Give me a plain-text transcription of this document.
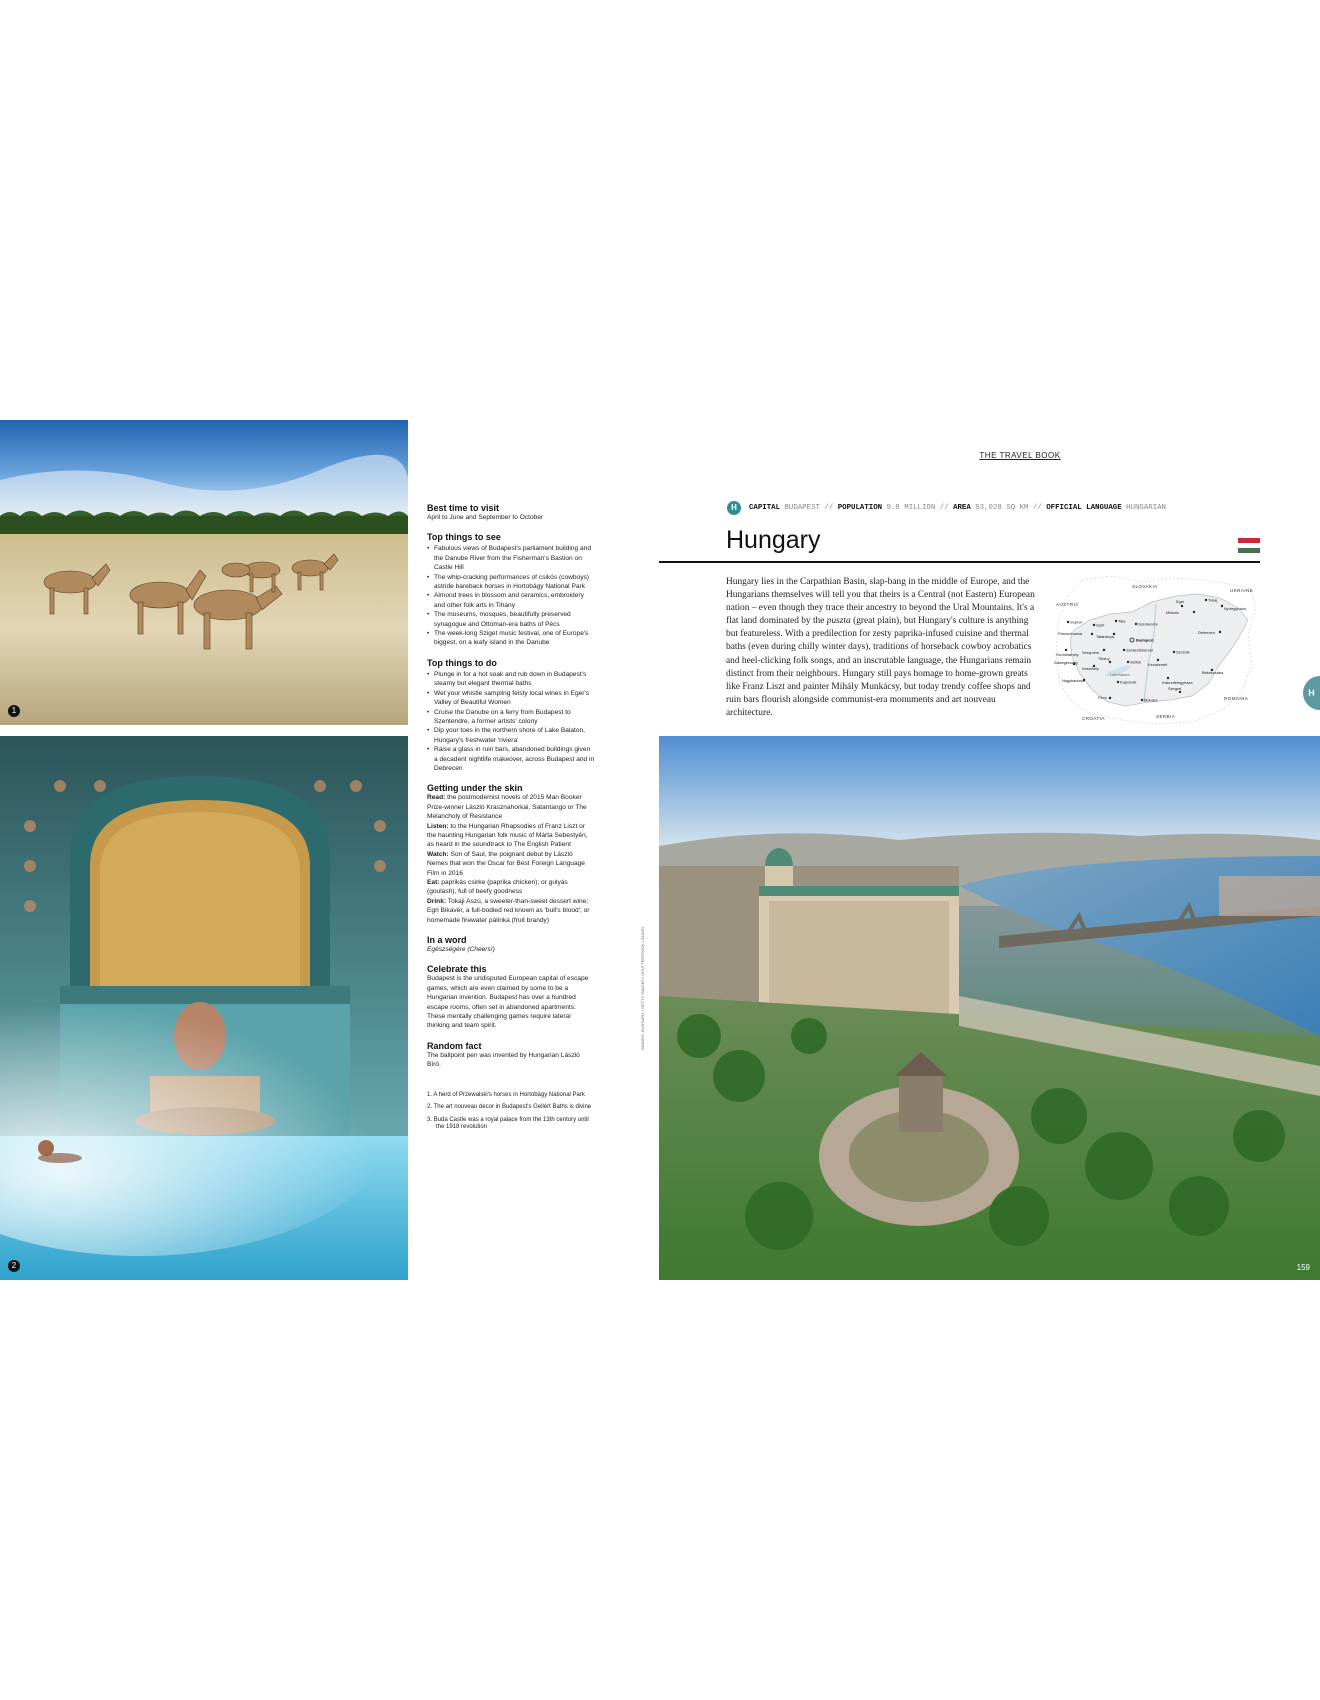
1
2
Best time to visit
April to June and September to October
Top things to see
• Fabulous views of Budapest's parliament building and the Danube River from the Fisherman's Bastion on Castle Hill
• The whip-cracking performances of csikós (cowboys) astride bareback horses in Hortobágy National Park
• Almond trees in blossom and ceramics, embroidery and other folk arts in Tihany
• The museums, mosques, beautifully preserved synagogue and Ottoman-era baths of Pécs
• The week-long Sziget music festival, one of Europe's biggest, on a leafy island in the Danube
Top things to do
• Plunge in for a hot soak and rub down in Budapest's steamy but elegant thermal baths
• Wet your whistle sampling feisty local wines in Eger's Valley of Beautiful Women
• Cruise the Danube on a ferry from Budapest to Szentendre, a former artists' colony
• Dip your toes in the northern shore of Lake Balaton, Hungary's freshwater 'riviera'
• Raise a glass in ruin bars, abandoned buildings given a decadent nightlife makeover, across Budapest and in Debrecen
Getting under the skin
Read: the postmodernist novels of 2015 Man Booker Prize-winner László Krasznahorkai, Satantango or The Melancholy of Resistance
Listen: to the Hungarian Rhapsodies of Franz Liszt or the haunting Hungarian folk music of Márta Sebestyén, as heard in the soundtrack to The English Patient
Watch: Son of Saul, the poignant debut by László Nemes that won the Oscar for Best Foreign Language Film in 2016
Eat: paprikás csirke (paprika chicken); or gulyás (goulash), full of beefy goodness
Drink: Tokaji Aszú, a sweeter-than-sweet dessert wine; Egri Bikavér, a full-bodied red known as 'bull's blood'; or homemade firewater pálinka (fruit brandy)
In a word
Egészségére (Cheers!)
Celebrate this
Budapest is the undisputed European capital of escape games, which are even claimed by some to be a Hungarian invention. Budapest has over a hundred escape rooms, often set in abandoned apartments. These mentally challenging games require lateral thinking and team spirit.
Random fact
The ballpoint pen was invented by Hungarian László Bíró.
1. A herd of Przewalski's horses in Hortobágy National Park
2. The art nouveau decor in Budapest's Gellért Baths is divine
3. Buda Castle was a royal palace from the 13th century until the 1918 revolution
IMAGES: HUNGARY / GETTY IMAGES / SHUTTERSTOCK / ALAMY
THE TRAVEL BOOK
H	CAPITAL BUDAPEST // POPULATION 9.8 MILLION // AREA 93,028 SQ KM // OFFICIAL LANGUAGE HUNGARIAN
Hungary
Hungary lies in the Carpathian Basin, slap-bang in the middle of Europe, and the Hungarians themselves will tell you that theirs is a Central (not Eastern) European nation – even though they trace their ancestry to beyond the Ural Mountains. It's a flat land dominated by the puszta (great plain), but Hungary's culture is anything but featureless. With a predilection for zesty paprika-infused cuisine and thermal baths (even during chilly winter days), traditions of horseback cowboy acrobatics and heel-clicking folk songs, and an inscrutable language, the Hungarians remain distinct from their neighbours. Hungary still pays homage to home-grown greats like Franz Liszt and painter Mihály Munkácsy, but today trendy coffee shops and ruin bars flourish alongside communist-era monuments and art nouveau architecture.
SLOVAKIA
UKRAINE
AUSTRIA
ROMANIA
CROATIA	SERBIA
Sopron
Győr
Tata
Szentendre
Eger	Tokaj
Miskolc
Nyíregyháza
Budapest
Debrecen
Pannonhalma
Tatabánya
Szombathely Veszprém	Székesfehérvár	Szolnok
Keszthely
Tihany
Zalaegerszeg	Siófok Kecskemét
Békéscsaba
Nagykanizsa	Kaposvár	Kiskunfélegyháza
Szeged
Pécs	Mohács
Lake Balaton
H
159
